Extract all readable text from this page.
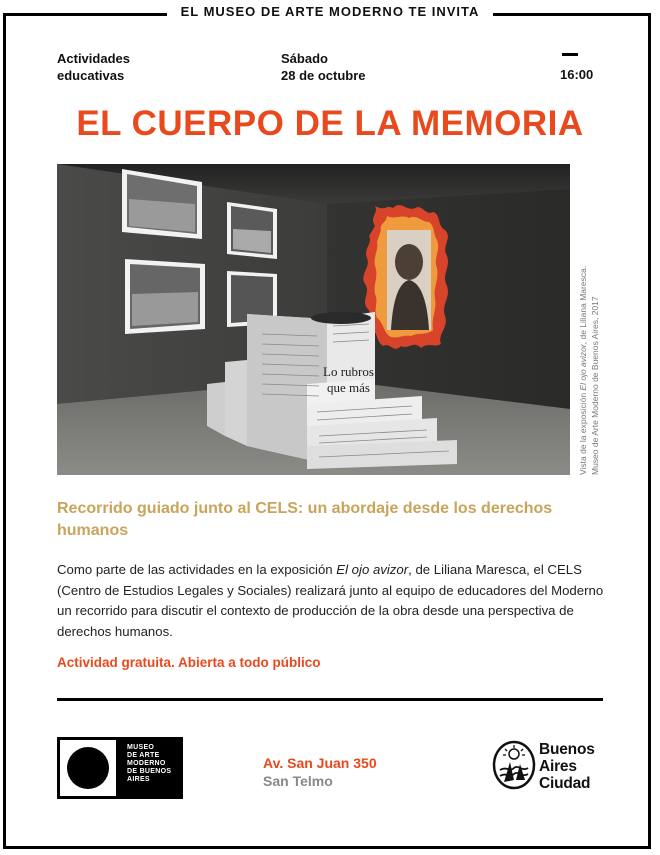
EL MUSEO DE ARTE MODERNO TE INVITA
Actividades
educativas
Sábado
28 de octubre	16:00
EL CUERPO DE LA MEMORIA
Lo rubros
que más
Vista de la exposición El ojo avizor, de Liliana Maresca. Museo de Arte Moderno de Buenos Aires, 2017
Recorrido guiado junto al CELS: un abordaje desde los derechos humanos
Como parte de las actividades en la exposición El ojo avizor, de Liliana Maresca, el CELS (Centro de Estudios Legales y Sociales) realizará junto al equipo de educadores del Moderno un recorrido para discutir el contexto de producción de la obra desde una perspectiva de derechos humanos.
Actividad gratuita. Abierta a todo público
MUSEO
DE ARTE
MODERNO
DE BUENOS
AIRES
Av. San Juan 350
San Telmo
Buenos
Aires
Ciudad
